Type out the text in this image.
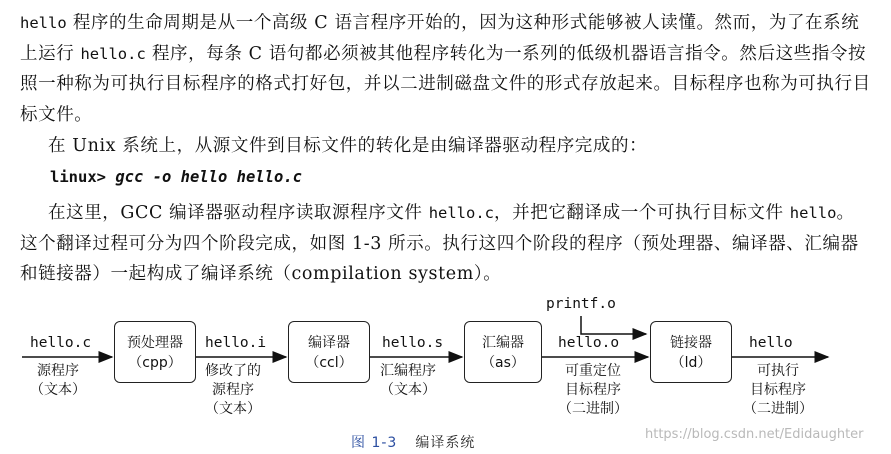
hello 程序的生命周期是从一个高级 C 语言程序开始的，因为这种形式能够被人读懂。然而，为了在系统上运行 hello.c 程序，每条 C 语句都必须被其他程序转化为一系列的低级机器语言指令。然后这些指令按照一种称为可执行目标程序的格式打好包，并以二进制磁盘文件的形式存放起来。目标程序也称为可执行目标文件。
在 Unix 系统上，从源文件到目标文件的转化是由编译器驱动程序完成的：
linux> gcc -o hello hello.c
在这里，GCC 编译器驱动程序读取源程序文件 hello.c，并把它翻译成一个可执行目标文件 hello。这个翻译过程可分为四个阶段完成，如图 1-3 所示。执行这四个阶段的程序（预处理器、编译器、汇编器和链接器）一起构成了编译系统（compilation system）。
预处理器
（cpp）
编译器
（ccl）
汇编器
（as）
链接器
（ld）
hello.c
源程序
（文本）
hello.i
修改了的
源程序
（文本）
hello.s
汇编程序
（文本）
hello.o
可重定位
目标程序
（二进制）
hello
可执行
目标程序
（二进制）
printf.o
图 1-3 编译系统
https://blog.csdn.net/Edidaughter
